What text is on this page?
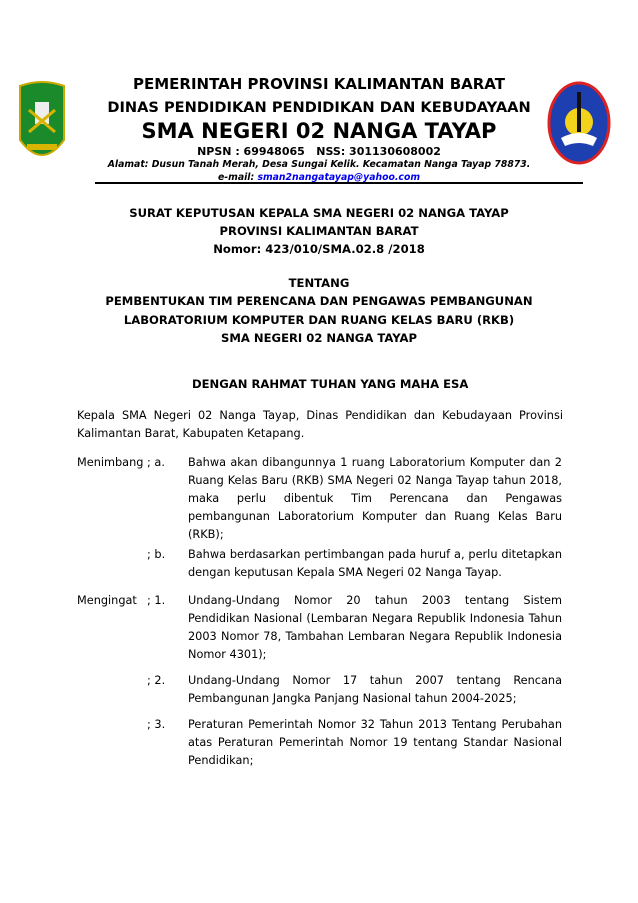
PEMERINTAH PROVINSI KALIMANTAN BARAT
DINAS PENDIDIKAN PENDIDIKAN DAN KEBUDAYAAN
SMA NEGERI 02 NANGA TAYAP
NPSN : 69948065   NSS: 301130608002
Alamat: Dusun Tanah Merah, Desa Sungai Kelik. Kecamatan Nanga Tayap 78873.
e-mail: sman2nangatayap@yahoo.com
SURAT KEPUTUSAN KEPALA SMA NEGERI 02 NANGA TAYAP
PROVINSI KALIMANTAN BARAT
Nomor: 423/010/SMA.02.8 /2018
TENTANG
PEMBENTUKAN TIM PERENCANA DAN PENGAWAS PEMBANGUNAN
LABORATORIUM KOMPUTER DAN RUANG KELAS BARU (RKB)
SMA NEGERI 02 NANGA TAYAP
DENGAN RAHMAT TUHAN YANG MAHA ESA
Kepala SMA Negeri 02 Nanga Tayap, Dinas Pendidikan dan Kebudayaan Provinsi Kalimantan Barat, Kabupaten Ketapang.
Menimbang ; a. Bahwa akan dibangunnya 1 ruang Laboratorium Komputer dan 2 Ruang Kelas Baru (RKB) SMA Negeri 02 Nanga Tayap tahun 2018, maka perlu dibentuk Tim Perencana dan Pengawas pembangunan Laboratorium Komputer dan Ruang Kelas Baru (RKB);
; b. Bahwa berdasarkan pertimbangan pada huruf a, perlu ditetapkan dengan keputusan Kepala SMA Negeri 02 Nanga Tayap.
Mengingat ; 1. Undang-Undang Nomor 20 tahun 2003 tentang Sistem Pendidikan Nasional (Lembaran Negara Republik Indonesia Tahun 2003 Nomor 78, Tambahan Lembaran Negara Republik Indonesia Nomor 4301);
; 2. Undang-Undang Nomor 17 tahun 2007 tentang Rencana Pembangunan Jangka Panjang Nasional tahun 2004-2025;
; 3. Peraturan Pemerintah Nomor 32 Tahun 2013 Tentang Perubahan atas Peraturan Pemerintah Nomor 19 tentang Standar Nasional Pendidikan;
